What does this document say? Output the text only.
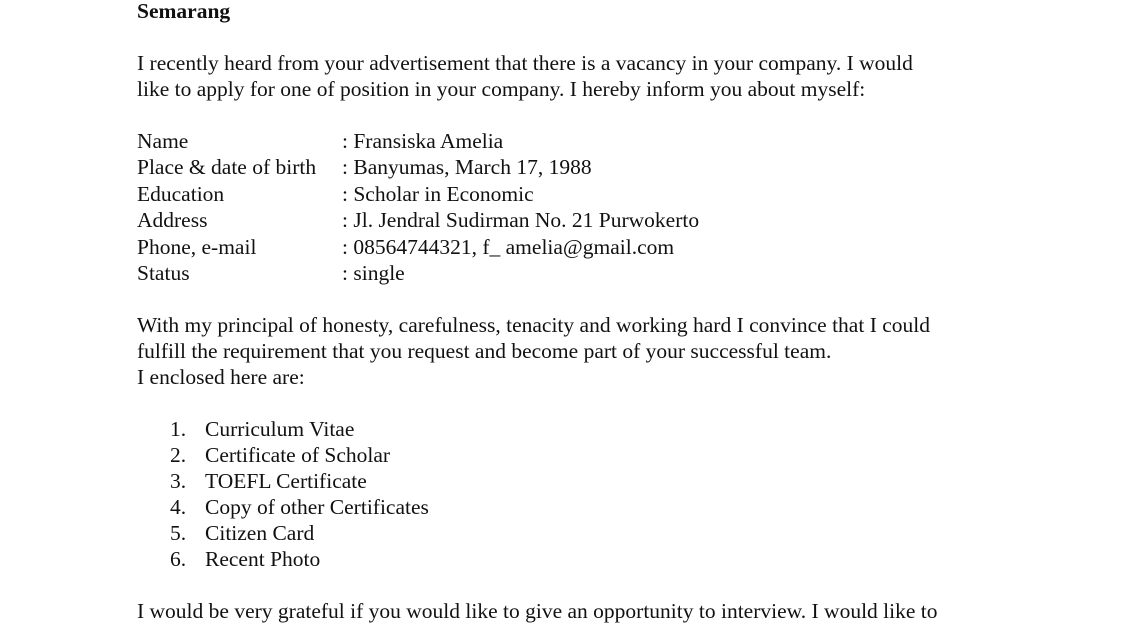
Semarang

I recently heard from your advertisement that there is a vacancy in your company. I would

like to apply for one of position in your company. I hereby inform you about myself:

Name	: Fransiska Amelia
Place & date of birth	: Banyumas, March 17, 1988
Education	: Scholar in Economic
Address	: Jl. Jendral Sudirman No. 21 Purwokerto
Phone, e-mail	: 08564744321, f_ amelia@gmail.com
Status	: single

With my principal of honesty, carefulness, tenacity and working hard I convince that I could

fulfill the requirement that you request and become part of your successful team.

I enclosed here are:

1. Curriculum Vitae
2. Certificate of Scholar
3. TOEFL Certificate
4. Copy of other Certificates
5. Citizen Card
6. Recent Photo

I would be very grateful if you would like to give an opportunity to interview. I would like to
